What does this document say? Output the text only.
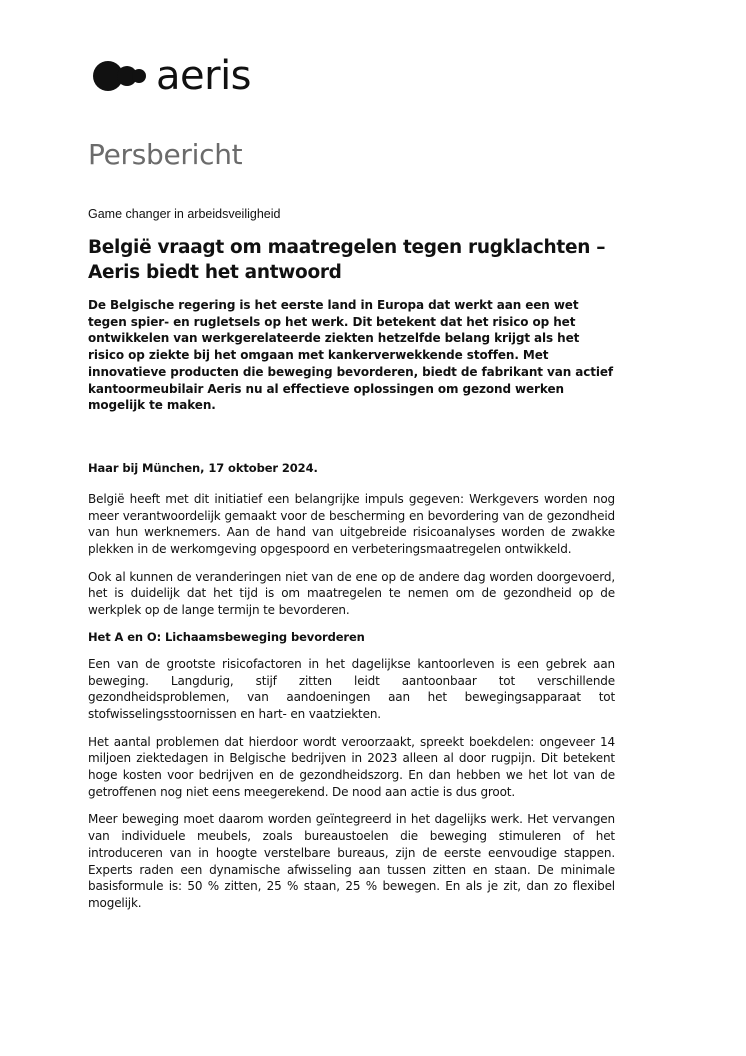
aeris
Persbericht

Game changer in arbeidsveiligheid

België vraagt om maatregelen tegen rugklachten – Aeris biedt het antwoord

De Belgische regering is het eerste land in Europa dat werkt aan een wet tegen spier- en rugletsels op het werk. Dit betekent dat het risico op het ontwikkelen van werkgerelateerde ziekten hetzelfde belang krijgt als het risico op ziekte bij het omgaan met kankerverwekkende stoffen. Met innovatieve producten die beweging bevorderen, biedt de fabrikant van actief kantoormeubilair Aeris nu al effectieve oplossingen om gezond werken mogelijk te maken.

Haar bij München, 17 oktober 2024.

België heeft met dit initiatief een belangrijke impuls gegeven: Werkgevers worden nog meer verantwoordelijk gemaakt voor de bescherming en bevordering van de gezondheid van hun werknemers. Aan de hand van uitgebreide risicoanalyses worden de zwakke plekken in de werkomgeving opgespoord en verbeteringsmaatregelen ontwikkeld.

Ook al kunnen de veranderingen niet van de ene op de andere dag worden doorgevoerd, het is duidelijk dat het tijd is om maatregelen te nemen om de gezondheid op de werkplek op de lange termijn te bevorderen.

Het A en O: Lichaamsbeweging bevorderen

Een van de grootste risicofactoren in het dagelijkse kantoorleven is een gebrek aan beweging. Langdurig, stijf zitten leidt aantoonbaar tot verschillende gezondheidsproblemen, van aandoeningen aan het bewegingsapparaat tot stofwisselingsstoornissen en hart- en vaatziekten.

Het aantal problemen dat hierdoor wordt veroorzaakt, spreekt boekdelen: ongeveer 14 miljoen ziektedagen in Belgische bedrijven in 2023 alleen al door rugpijn. Dit betekent hoge kosten voor bedrijven en de gezondheidszorg. En dan hebben we het lot van de getroffenen nog niet eens meegerekend. De nood aan actie is dus groot.

Meer beweging moet daarom worden geïntegreerd in het dagelijks werk. Het vervangen van individuele meubels, zoals bureaustoelen die beweging stimuleren of het introduceren van in hoogte verstelbare bureaus, zijn de eerste eenvoudige stappen. Experts raden een dynamische afwisseling aan tussen zitten en staan. De minimale basisformule is: 50 % zitten, 25 % staan, 25 % bewegen. En als je zit, dan zo flexibel mogelijk.
